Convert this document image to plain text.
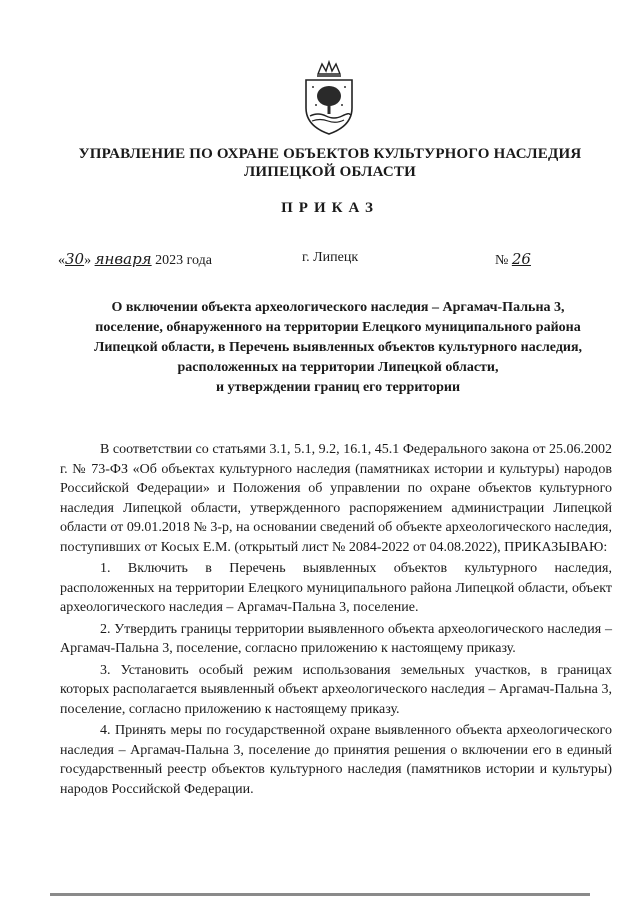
УПРАВЛЕНИЕ ПО ОХРАНЕ ОБЪЕКТОВ КУЛЬТУРНОГО НАСЛЕДИЯ
ЛИПЕЦКОЙ ОБЛАСТИ
ПРИКАЗ
«30» января 2023 года	г. Липецк	№ 26
О включении объекта археологического наследия – Аргамач-Пальна 3,
поселение, обнаруженного на территории Елецкого муниципального района
Липецкой области, в Перечень выявленных объектов культурного наследия,
расположенных на территории Липецкой области,
и утверждении границ его территории

В соответствии со статьями 3.1, 5.1, 9.2, 16.1, 45.1 Федерального закона от 25.06.2002 г. № 73-ФЗ «Об объектах культурного наследия (памятниках истории и культуры) народов Российской Федерации» и Положения об управлении по охране объектов культурного наследия Липецкой области, утвержденного распоряжением администрации Липецкой области от 09.01.2018 № 3-р, на основании сведений об объекте археологического наследия, поступивших от Косых Е.М. (открытый лист № 2084-2022 от 04.08.2022), ПРИКАЗЫВАЮ:

1. Включить в Перечень выявленных объектов культурного наследия, расположенных на территории Елецкого муниципального района Липецкой области, объект археологического наследия – Аргамач-Пальна 3, поселение.

2. Утвердить границы территории выявленного объекта археологического наследия – Аргамач-Пальна 3, поселение, согласно приложению к настоящему приказу.

3. Установить особый режим использования земельных участков, в границах которых располагается выявленный объект археологического наследия – Аргамач-Пальна 3, поселение, согласно приложению к настоящему приказу.

4. Принять меры по государственной охране выявленного объекта археологического наследия – Аргамач-Пальна 3, поселение до принятия решения о включении его в единый государственный реестр объектов культурного наследия (памятников истории и культуры) народов Российской Федерации.
